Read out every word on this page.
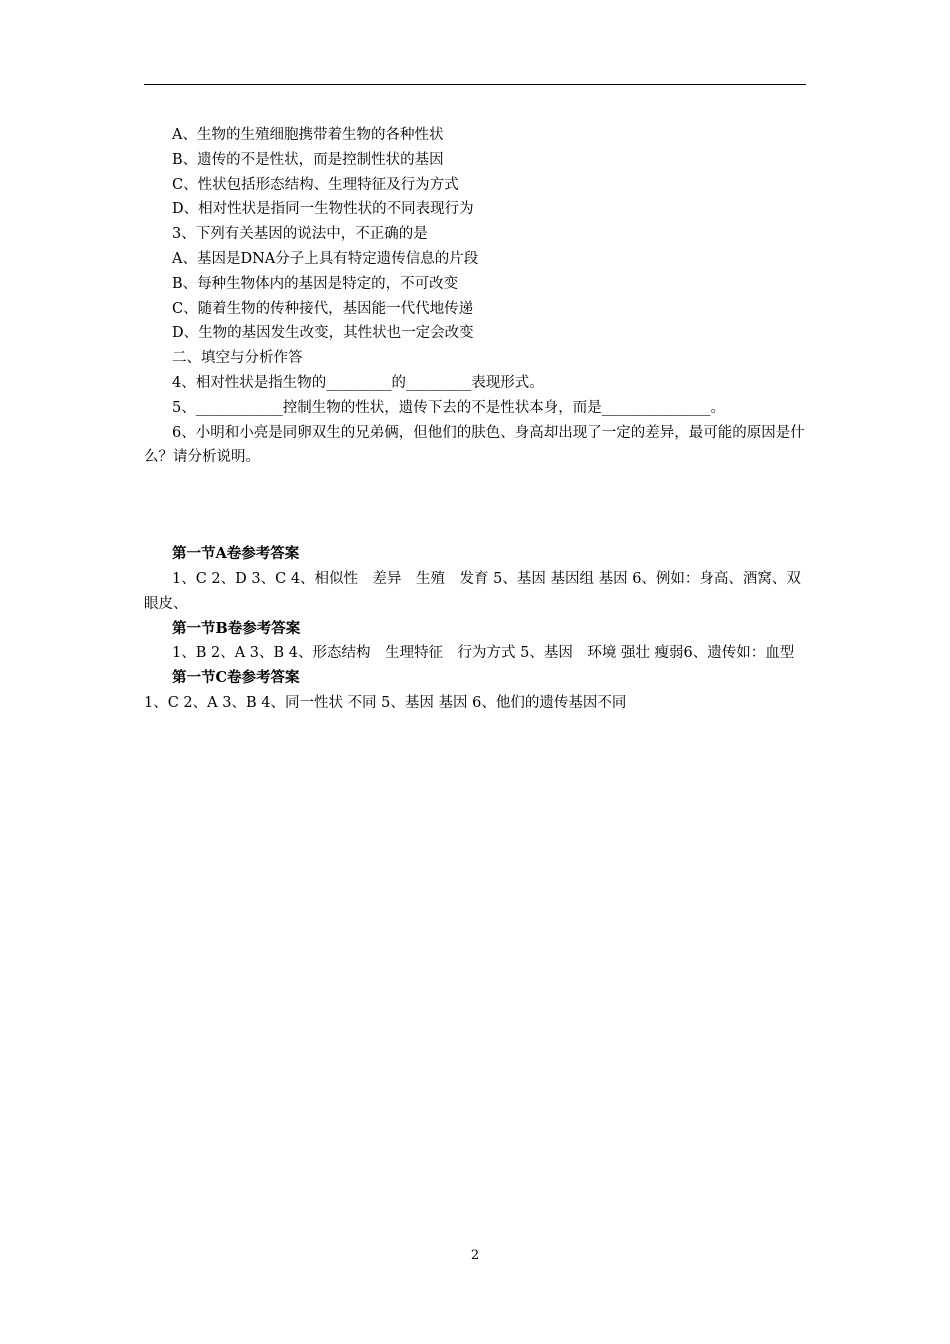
A、生物的生殖细胞携带着生物的各种性状
B、遗传的不是性状，而是控制性状的基因
C、性状包括形态结构、生理特征及行为方式
D、相对性状是指同一生物性状的不同表现行为
3、下列有关基因的说法中，不正确的是
A、基因是DNA分子上具有特定遗传信息的片段
B、每种生物体内的基因是特定的，不可改变
C、随着生物的传种接代，基因能一代代地传递
D、生物的基因发生改变，其性状也一定会改变
二、填空与分析作答
4、相对性状是指生物的_________的_________表现形式。
5、____________控制生物的性状，遗传下去的不是性状本身，而是_______________。
6、小明和小亮是同卵双生的兄弟俩，但他们的肤色、身高却出现了一定的差异，最可能的原因是什么？请分析说明。
第一节A卷参考答案
1、C 2、D 3、C 4、相似性　差异　生殖　发育 5、基因 基因组 基因 6、例如：身高、酒窝、双眼皮、
第一节B卷参考答案
1、B 2、A 3、B 4、形态结构　生理特征　行为方式 5、基因　环境 强壮 瘦弱6、遗传如：血型
第一节C卷参考答案
1、C 2、A 3、B 4、同一性状 不同 5、基因 基因 6、他们的遗传基因不同
2
